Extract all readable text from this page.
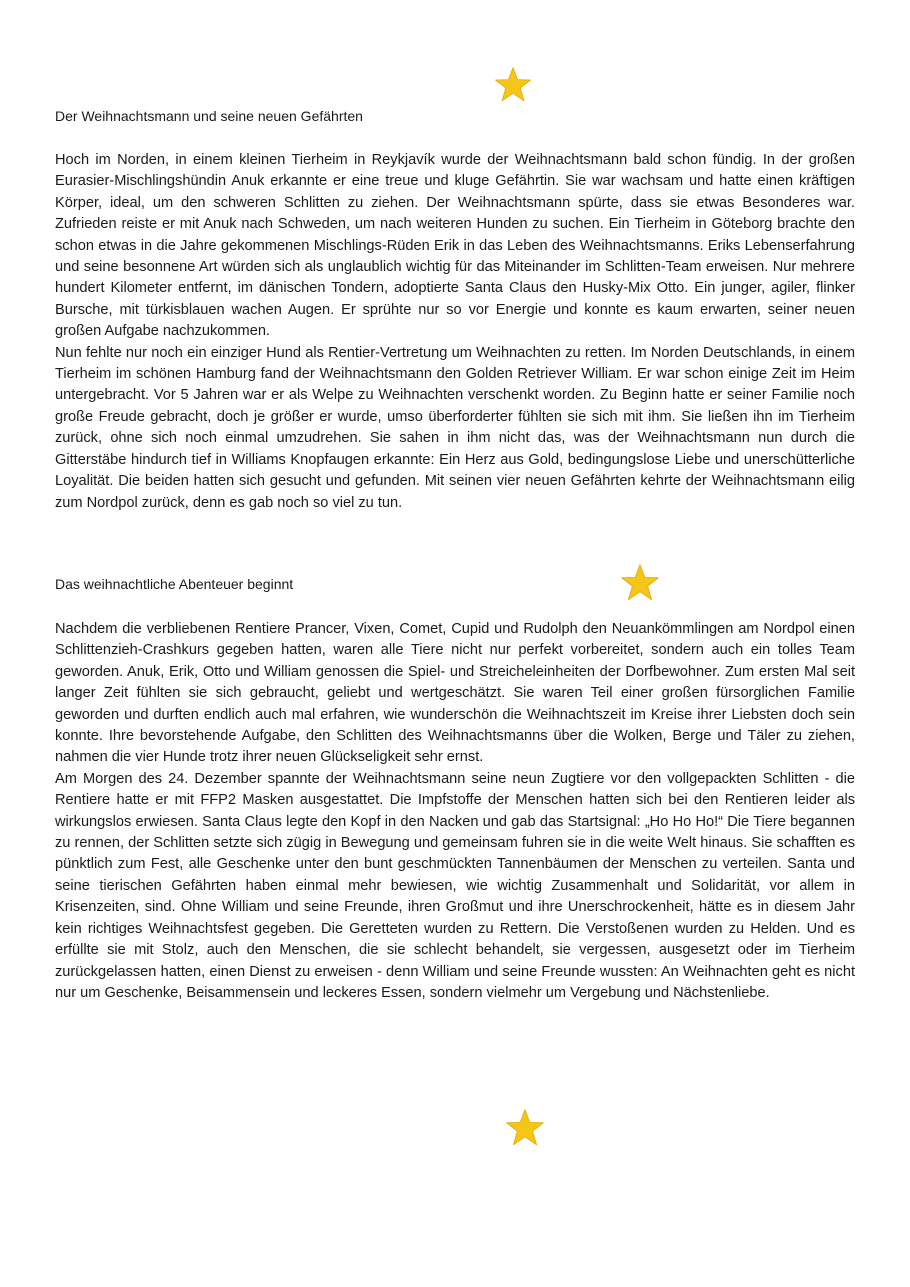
Der Weihnachtsmann und seine neuen Gefährten

Hoch im Norden, in einem kleinen Tierheim in Reykjavík wurde der Weihnachtsmann bald schon fündig. In der großen Eurasier-Mischlingshündin Anuk erkannte er eine treue und kluge Gefährtin. Sie war wachsam und hatte einen kräftigen Körper, ideal, um den schweren Schlitten zu ziehen. Der Weihnachtsmann spürte, dass sie etwas Besonderes war. Zufrieden reiste er mit Anuk nach Schweden, um nach weiteren Hunden zu suchen. Ein Tierheim in Göteborg brachte den schon etwas in die Jahre gekommenen Mischlings-Rüden Erik in das Leben des Weihnachtsmanns. Eriks Lebenserfahrung und seine besonnene Art würden sich als unglaublich wichtig für das Miteinander im Schlitten-Team erweisen. Nur mehrere hundert Kilometer entfernt, im dänischen Tondern, adoptierte Santa Claus den Husky-Mix Otto. Ein junger, agiler, flinker Bursche, mit türkisblauen wachen Augen. Er sprühte nur so vor Energie und konnte es kaum erwarten, seiner neuen großen Aufgabe nachzukommen.

Nun fehlte nur noch ein einziger Hund als Rentier-Vertretung um Weihnachten zu retten. Im Norden Deutschlands, in einem Tierheim im schönen Hamburg fand der Weihnachtsmann den Golden Retriever William. Er war schon einige Zeit im Heim untergebracht. Vor 5 Jahren war er als Welpe zu Weihnachten verschenkt worden. Zu Beginn hatte er seiner Familie noch große Freude gebracht, doch je größer er wurde, umso überforderter fühlten sie sich mit ihm. Sie ließen ihn im Tierheim zurück, ohne sich noch einmal umzudrehen. Sie sahen in ihm nicht das, was der Weihnachtsmann nun durch die Gitterstäbe hindurch tief in Williams Knopfaugen erkannte: Ein Herz aus Gold, bedingungslose Liebe und unerschütterliche Loyalität. Die beiden hatten sich gesucht und gefunden. Mit seinen vier neuen Gefährten kehrte der Weihnachtsmann eilig zum Nordpol zurück, denn es gab noch so viel zu tun.

Das weihnachtliche Abenteuer beginnt

Nachdem die verbliebenen Rentiere Prancer, Vixen, Comet, Cupid und Rudolph den Neuankömmlingen am Nordpol einen Schlittenzieh-Crashkurs gegeben hatten, waren alle Tiere nicht nur perfekt vorbereitet, sondern auch ein tolles Team geworden. Anuk, Erik, Otto und William genossen die Spiel- und Streicheleinheiten der Dorfbewohner. Zum ersten Mal seit langer Zeit fühlten sie sich gebraucht, geliebt und wertgeschätzt. Sie waren Teil einer großen fürsorglichen Familie geworden und durften endlich auch mal erfahren, wie wunderschön die Weihnachtszeit im Kreise ihrer Liebsten doch sein konnte. Ihre bevorstehende Aufgabe, den Schlitten des Weihnachtsmanns über die Wolken, Berge und Täler zu ziehen, nahmen die vier Hunde trotz ihrer neuen Glückseligkeit sehr ernst.

Am Morgen des 24. Dezember spannte der Weihnachtsmann seine neun Zugtiere vor den vollgepackten Schlitten - die Rentiere hatte er mit FFP2 Masken ausgestattet. Die Impfstoffe der Menschen hatten sich bei den Rentieren leider als wirkungslos erwiesen. Santa Claus legte den Kopf in den Nacken und gab das Startsignal: „Ho Ho Ho!“ Die Tiere begannen zu rennen, der Schlitten setzte sich zügig in Bewegung und gemeinsam fuhren sie in die weite Welt hinaus. Sie schafften es pünktlich zum Fest, alle Geschenke unter den bunt geschmückten Tannenbäumen der Menschen zu verteilen. Santa und seine tierischen Gefährten haben einmal mehr bewiesen, wie wichtig Zusammenhalt und Solidarität, vor allem in Krisenzeiten, sind. Ohne William und seine Freunde, ihren Großmut und ihre Unerschrockenheit, hätte es in diesem Jahr kein richtiges Weihnachtsfest gegeben. Die Geretteten wurden zu Rettern. Die Verstoßenen wurden zu Helden. Und es erfüllte sie mit Stolz, auch den Menschen, die sie schlecht behandelt, sie vergessen, ausgesetzt oder im Tierheim zurückgelassen hatten, einen Dienst zu erweisen - denn William und seine Freunde wussten: An Weihnachten geht es nicht nur um Geschenke, Beisammensein und leckeres Essen, sondern vielmehr um Vergebung und Nächstenliebe.
